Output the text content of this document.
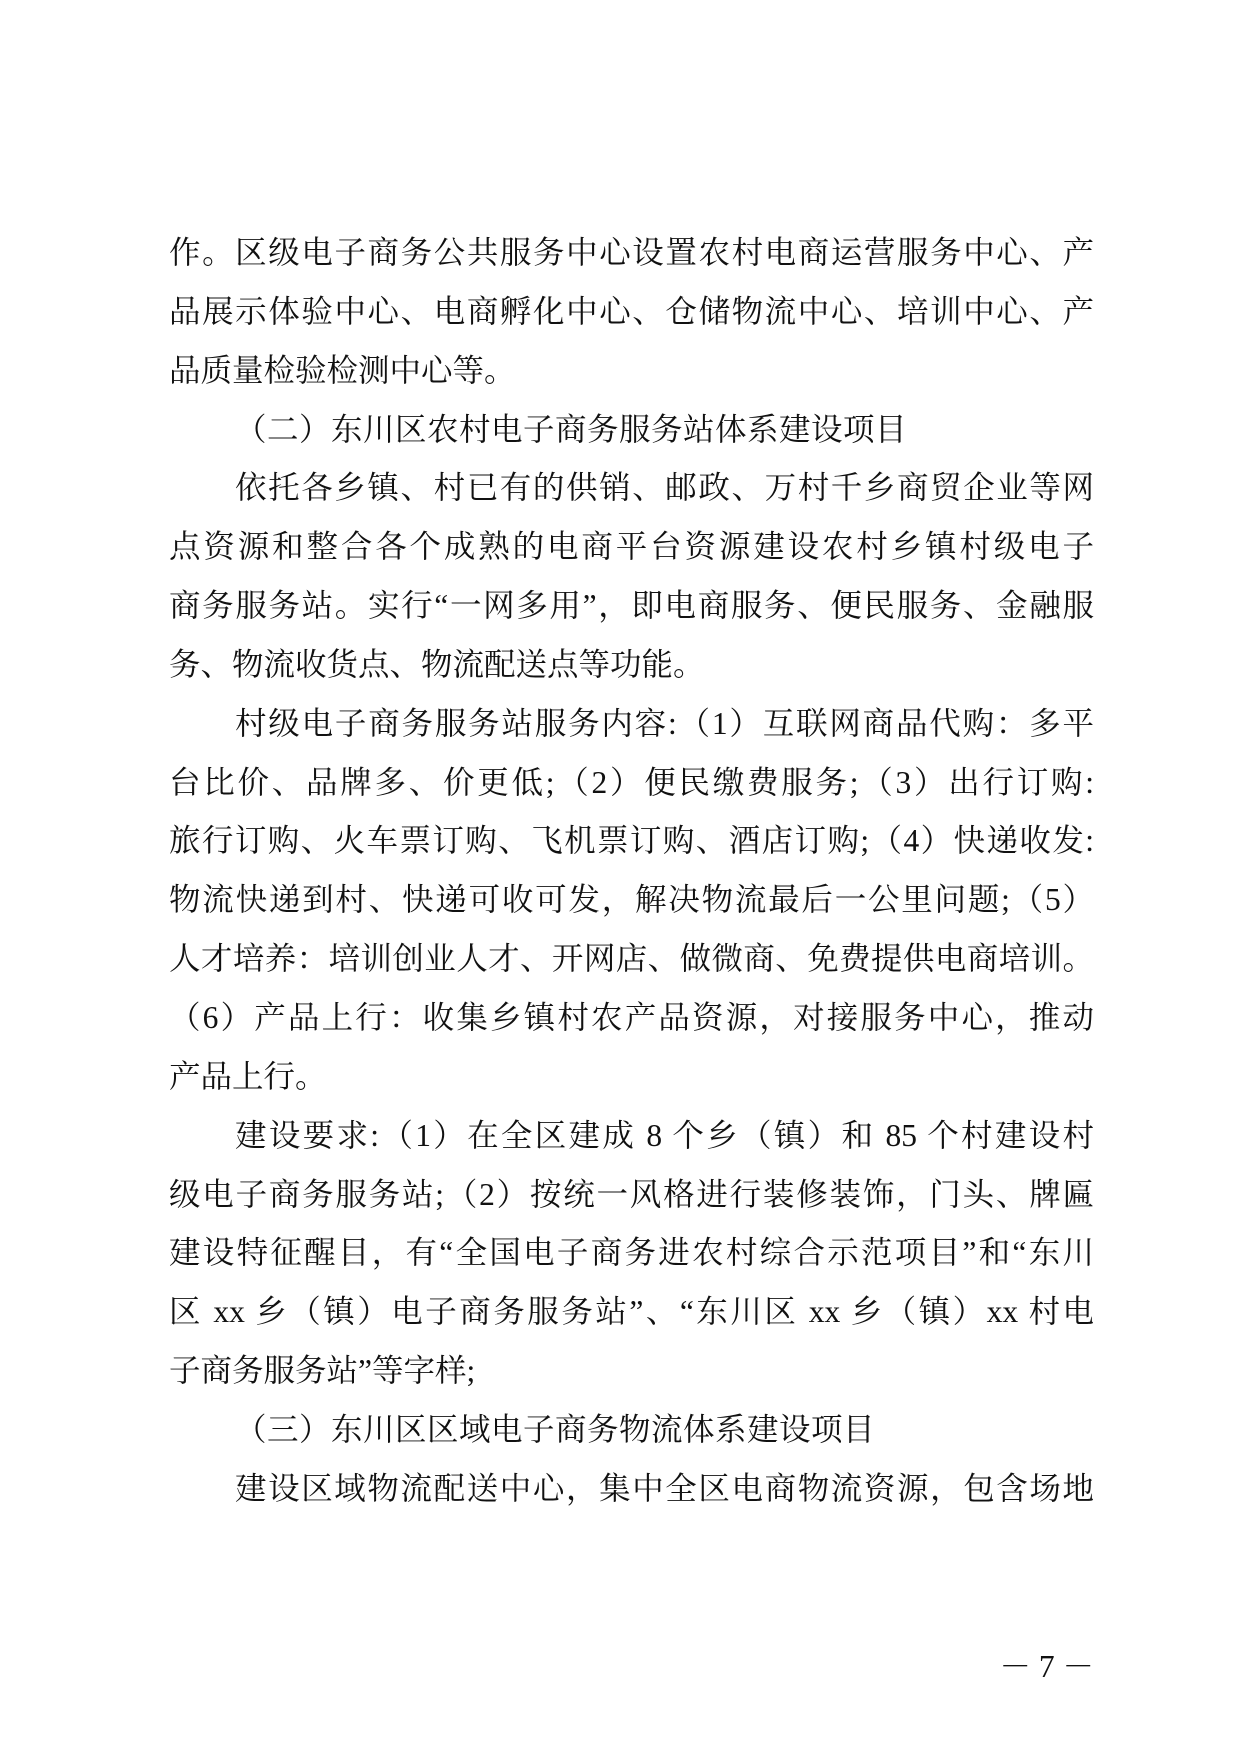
作。区级电子商务公共服务中心设置农村电商运营服务中心、产
品展示体验中心、电商孵化中心、仓储物流中心、培训中心、产
品质量检验检测中心等。
（二）东川区农村电子商务服务站体系建设项目
依托各乡镇、村已有的供销、邮政、万村千乡商贸企业等网
点资源和整合各个成熟的电商平台资源建设农村乡镇村级电子
商务服务站。实行“一网多用”，即电商服务、便民服务、金融服
务、物流收货点、物流配送点等功能。
村级电子商务服务站服务内容:（1）互联网商品代购：多平
台比价、品牌多、价更低;（2）便民缴费服务;（3）出行订购:
旅行订购、火车票订购、飞机票订购、酒店订购;（4）快递收发:
物流快递到村、快递可收可发，解决物流最后一公里问题;（5）
人才培养：培训创业人才、开网店、做微商、免费提供电商培训。
（6）产品上行：收集乡镇村农产品资源，对接服务中心，推动
产品上行。
建设要求:（1）在全区建成 8 个乡（镇）和 85 个村建设村
级电子商务服务站;（2）按统一风格进行装修装饰，门头、牌匾
建设特征醒目，有“全国电子商务进农村综合示范项目”和“东川
区 xx 乡（镇）电子商务服务站”、“东川区 xx 乡（镇）xx 村电
子商务服务站”等字样;
（三）东川区区域电子商务物流体系建设项目
建设区域物流配送中心，集中全区电商物流资源，包含场地
－ 7 －
